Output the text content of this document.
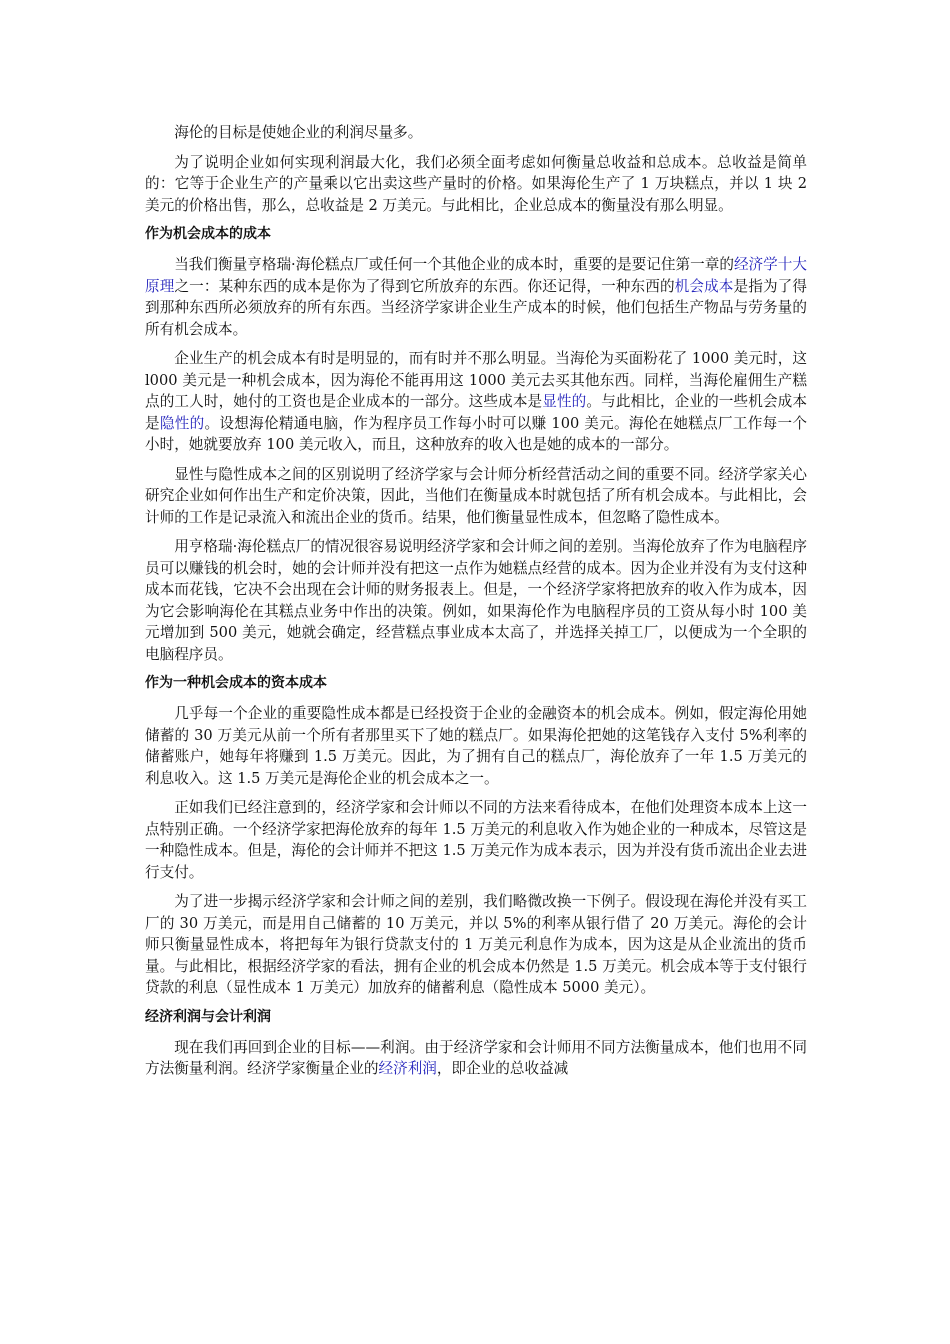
海伦的目标是使她企业的利润尽量多。

为了说明企业如何实现利润最大化，我们必须全面考虑如何衡量总收益和总成本。总收益是简单的：它等于企业生产的产量乘以它出卖这些产量时的价格。如果海伦生产了 1 万块糕点，并以 1 块 2 美元的价格出售，那么，总收益是 2 万美元。与此相比，企业总成本的衡量没有那么明显。

作为机会成本的成本

当我们衡量亨格瑞·海伦糕点厂或任何一个其他企业的成本时，重要的是要记住第一章的经济学十大原理之一：某种东西的成本是你为了得到它所放弃的东西。你还记得，一种东西的机会成本是指为了得到那种东西所必须放弃的所有东西。当经济学家讲企业生产成本的时候，他们包括生产物品与劳务量的所有机会成本。

企业生产的机会成本有时是明显的，而有时并不那么明显。当海伦为买面粉花了 1000 美元时，这 l000 美元是一种机会成本，因为海伦不能再用这 1000 美元去买其他东西。同样，当海伦雇佣生产糕点的工人时，她付的工资也是企业成本的一部分。这些成本是显性的。与此相比，企业的一些机会成本是隐性的。设想海伦精通电脑，作为程序员工作每小时可以赚 100 美元。海伦在她糕点厂工作每一个小时，她就要放弃 100 美元收入，而且，这种放弃的收入也是她的成本的一部分。

显性与隐性成本之间的区别说明了经济学家与会计师分析经营活动之间的重要不同。经济学家关心研究企业如何作出生产和定价决策，因此，当他们在衡量成本时就包括了所有机会成本。与此相比，会计师的工作是记录流入和流出企业的货币。结果，他们衡量显性成本，但忽略了隐性成本。

用亨格瑞·海伦糕点厂的情况很容易说明经济学家和会计师之间的差别。当海伦放弃了作为电脑程序员可以赚钱的机会时，她的会计师并没有把这一点作为她糕点经营的成本。因为企业并没有为支付这种成本而花钱，它决不会出现在会计师的财务报表上。但是，一个经济学家将把放弃的收入作为成本，因为它会影响海伦在其糕点业务中作出的决策。例如，如果海伦作为电脑程序员的工资从每小时 100 美元增加到 500 美元，她就会确定，经营糕点事业成本太高了，并选择关掉工厂，以便成为一个全职的电脑程序员。

作为一种机会成本的资本成本

几乎每一个企业的重要隐性成本都是已经投资于企业的金融资本的机会成本。例如，假定海伦用她储蓄的 30 万美元从前一个所有者那里买下了她的糕点厂。如果海伦把她的这笔钱存入支付 5%利率的储蓄账户，她每年将赚到 1.5 万美元。因此，为了拥有自己的糕点厂，海伦放弃了一年 1.5 万美元的利息收入。这 1.5 万美元是海伦企业的机会成本之一。

正如我们已经注意到的，经济学家和会计师以不同的方法来看待成本，在他们处理资本成本上这一点特别正确。一个经济学家把海伦放弃的每年 1.5 万美元的利息收入作为她企业的一种成本，尽管这是一种隐性成本。但是，海伦的会计师并不把这 1.5 万美元作为成本表示，因为并没有货币流出企业去进行支付。

为了进一步揭示经济学家和会计师之间的差别，我们略微改换一下例子。假设现在海伦并没有买工厂的 30 万美元，而是用自己储蓄的 10 万美元，并以 5%的利率从银行借了 20 万美元。海伦的会计师只衡量显性成本，将把每年为银行贷款支付的 1 万美元利息作为成本，因为这是从企业流出的货币量。与此相比，根据经济学家的看法，拥有企业的机会成本仍然是 1.5 万美元。机会成本等于支付银行贷款的利息（显性成本 1 万美元）加放弃的储蓄利息（隐性成本 5000 美元）。

经济利润与会计利润

现在我们再回到企业的目标——利润。由于经济学家和会计师用不同方法衡量成本，他们也用不同方法衡量利润。经济学家衡量企业的经济利润，即企业的总收益减
